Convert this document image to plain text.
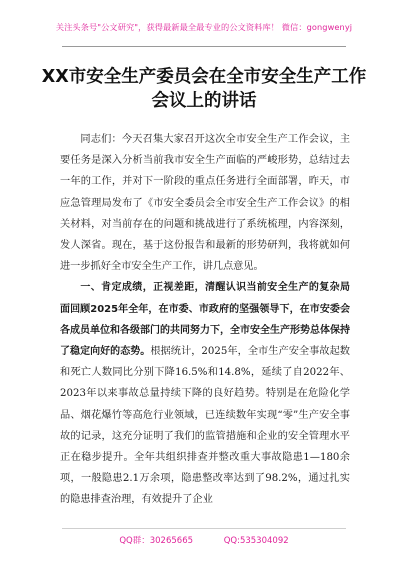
关注头条号"公文研究"，获得最新最全最专业的公文资料库！ 微信：gongwenyj
XX市安全生产委员会在全市安全生产工作会议上的讲话

同志们：今天召集大家召开这次全市安全生产工作会议，主要任务是深入分析当前我市安全生产面临的严峻形势，总结过去一年的工作，并对下一阶段的重点任务进行全面部署，昨天，市应急管理局发布了《市安全委员会全市安全生产工作会议》的相关材料，对当前存在的问题和挑战进行了系统梳理，内容深刻，发人深省。现在，基于这份报告和最新的形势研判，我将就如何进一步抓好全市安全生产工作，讲几点意见。

一、肯定成绩，正视差距，清醒认识当前安全生产的复杂局面回顾2025年全年，在市委、市政府的坚强领导下，在市安委会各成员单位和各级部门的共同努力下，全市安全生产形势总体保持了稳定向好的态势。根据统计，2025年，全市生产安全事故起数和死亡人数同比分别下降16.5%和14.8%，延续了自2022年、2023年以来事故总量持续下降的良好趋势。特别是在危险化学品、烟花爆竹等高危行业领域，已连续数年实现“零”生产安全事故的记录，这充分证明了我们的监管措施和企业的安全管理水平正在稳步提升。全年共组织排查并整改重大事故隐患1—180余项，一般隐患2.1万余项，隐患整改率达到了98.2%，通过扎实的隐患排查治理，有效提升了企业

QQ群：30265665	QQ:535304092
